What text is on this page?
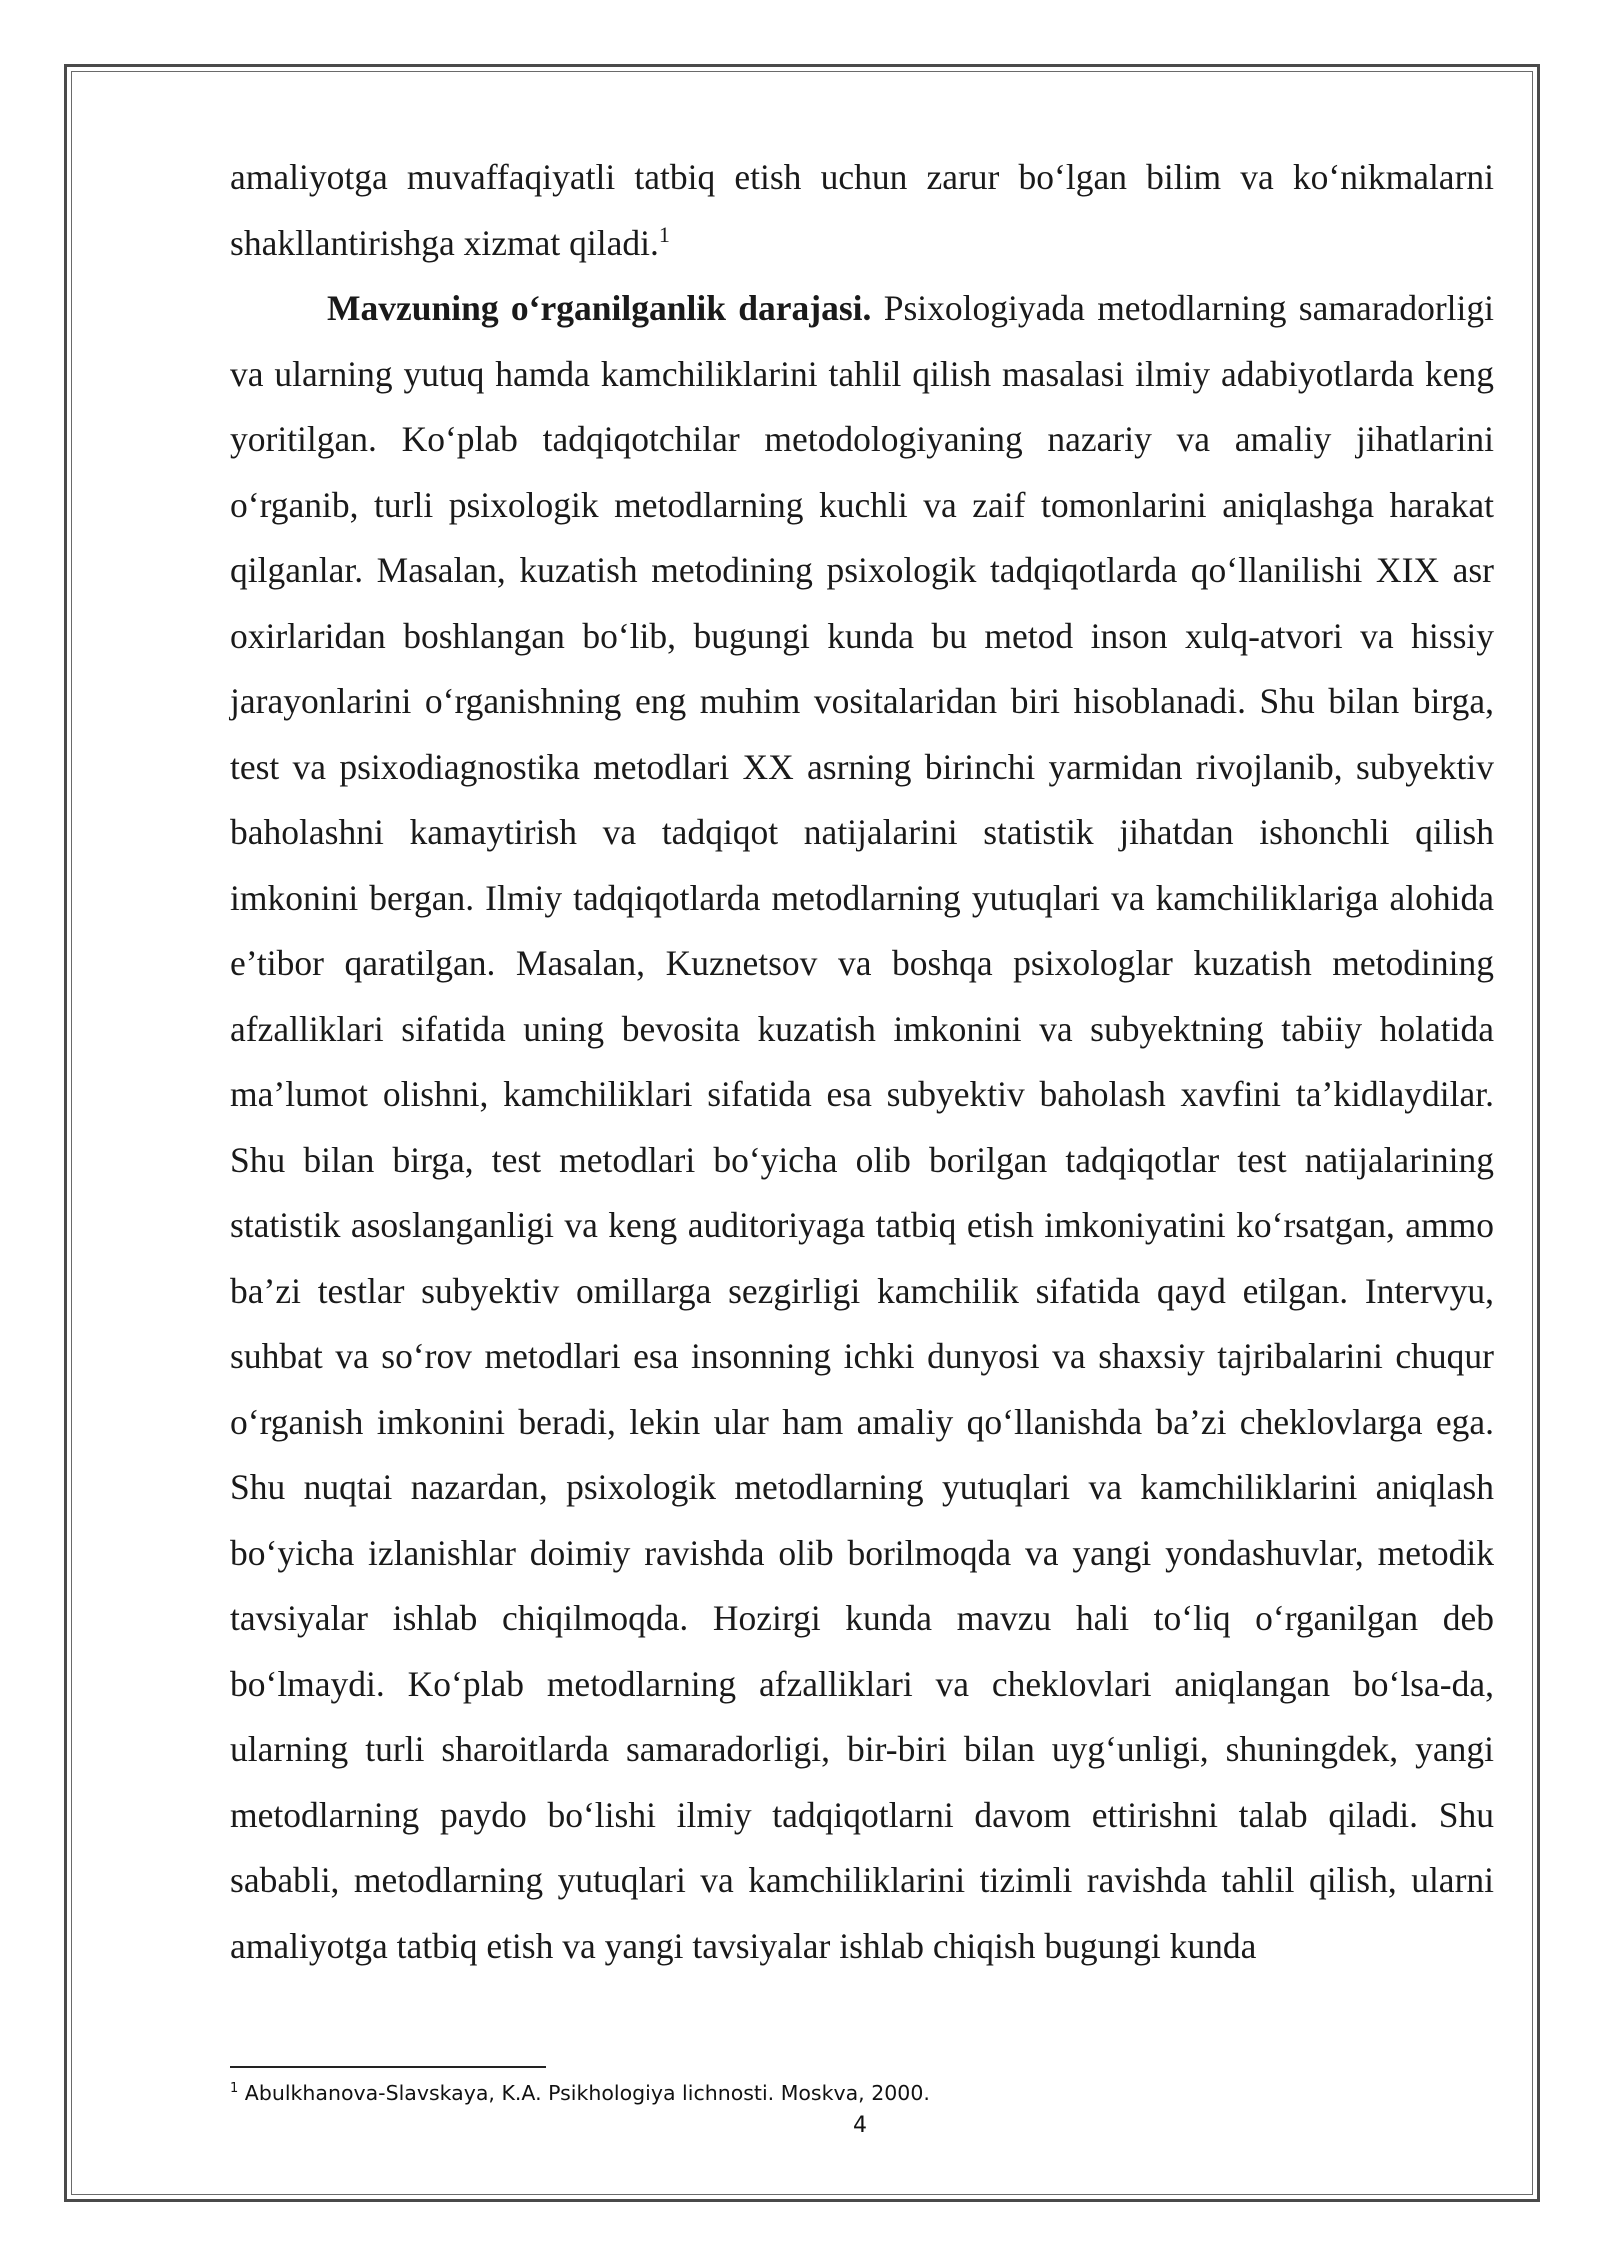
amaliyotga muvaffaqiyatli tatbiq etish uchun zarur bo‘lgan bilim va ko‘nikmalarni shakllantirishga xizmat qiladi.$^1$

Mavzuning o‘rganilganlik darajasi. Psixologiyada metodlarning samaradorligi va ularning yutuq hamda kamchiliklarini tahlil qilish masalasi ilmiy adabiyotlarda keng yoritilgan. Ko‘plab tadqiqotchilar metodologiyaning nazariy va amaliy jihatlarini o‘rganib, turli psixologik metodlarning kuchli va zaif tomonlarini aniqlashga harakat qilganlar. Masalan, kuzatish metodining psixologik tadqiqotlarda qo‘llanilishi XIX asr oxirlaridan boshlangan bo‘lib, bugungi kunda bu metod inson xulq-atvori va hissiy jarayonlarini o‘rganishning eng muhim vositalaridan biri hisoblanadi. Shu bilan birga, test va psixodiagnostika metodlari XX asrning birinchi yarmidan rivojlanib, subyektiv baholashni kamaytirish va tadqiqot natijalarini statistik jihatdan ishonchli qilish imkonini bergan. Ilmiy tadqiqotlarda metodlarning yutuqlari va kamchiliklariga alohida e’tibor qaratilgan. Masalan, Kuznetsov va boshqa psixologlar kuzatish metodining afzalliklari sifatida uning bevosita kuzatish imkonini va subyektning tabiiy holatida ma’lumot olishni, kamchiliklari sifatida esa subyektiv baholash xavfini ta’kidlaydilar. Shu bilan birga, test metodlari bo‘yicha olib borilgan tadqiqotlar test natijalarining statistik asoslanganligi va keng auditoriyaga tatbiq etish imkoniyatini ko‘rsatgan, ammo ba’zi testlar subyektiv omillarga sezgirligi kamchilik sifatida qayd etilgan. Intervyu, suhbat va so‘rov metodlari esa insonning ichki dunyosi va shaxsiy tajribalarini chuqur o‘rganish imkonini beradi, lekin ular ham amaliy qo‘llanishda ba’zi cheklovlarga ega. Shu nuqtai nazardan, psixologik metodlarning yutuqlari va kamchiliklarini aniqlash bo‘yicha izlanishlar doimiy ravishda olib borilmoqda va yangi yondashuvlar, metodik tavsiyalar ishlab chiqilmoqda. Hozirgi kunda mavzu hali to‘liq o‘rganilgan deb bo‘lmaydi. Ko‘plab metodlarning afzalliklari va cheklovlari aniqlangan bo‘lsa-da, ularning turli sharoitlarda samaradorligi, bir-biri bilan uyg‘unligi, shuningdek, yangi metodlarning paydo bo‘lishi ilmiy tadqiqotlarni davom ettirishni talab qiladi. Shu sababli, metodlarning yutuqlari va kamchiliklarini tizimli ravishda tahlil qilish, ularni amaliyotga tatbiq etish va yangi tavsiyalar ishlab chiqish bugungi kunda

$^1$ Abulkhanova-Slavskaya, K.A. Psikhologiya lichnosti. Moskva, 2000.
4
